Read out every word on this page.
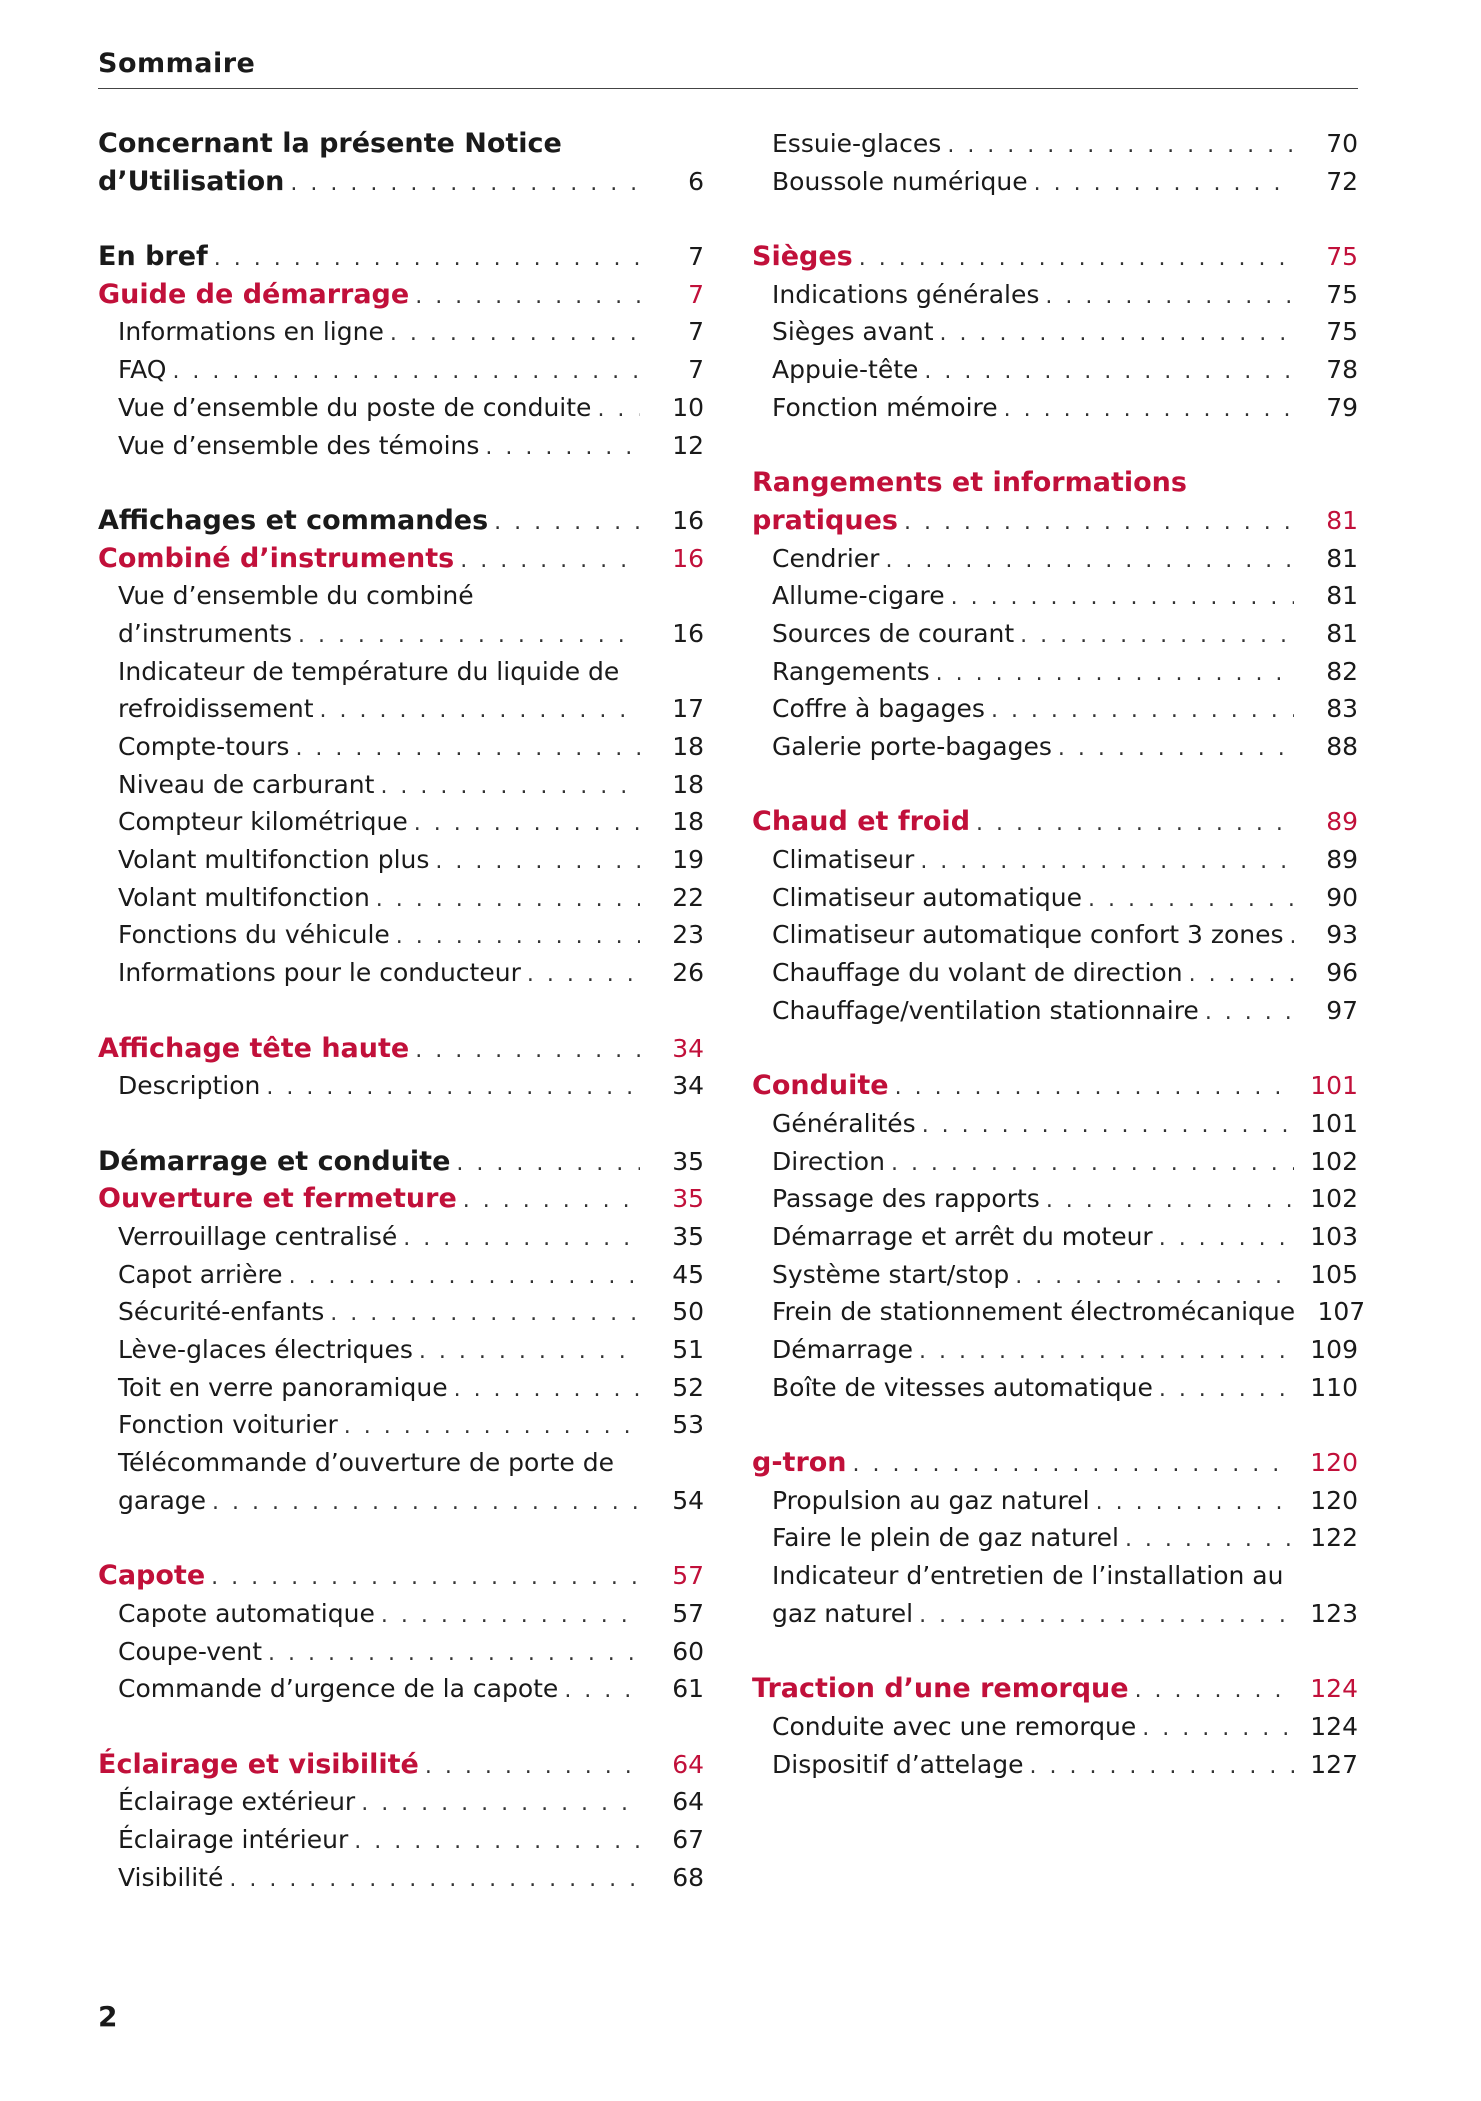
Sommaire
Concernant la présente Notice
d’Utilisation . . .	6
En bref . . .	7
Guide de démarrage . . .	7
Informations en ligne . . .	7
FAQ . . .	7
Vue d’ensemble du poste de conduite . . .	10
Vue d’ensemble des témoins . . .	12
Affichages et commandes . . .	16
Combiné d’instruments . . .	16
Vue d’ensemble du combiné
d’instruments . . .	16
Indicateur de température du liquide de
refroidissement . . .	17
Compte-tours . . .	18
Niveau de carburant . . .	18
Compteur kilométrique . . .	18
Volant multifonction plus . . .	19
Volant multifonction . . .	22
Fonctions du véhicule . . .	23
Informations pour le conducteur . . .	26
Affichage tête haute . . .	34
Description . . .	34
Démarrage et conduite . . .	35
Ouverture et fermeture . . .	35
Verrouillage centralisé . . .	35
Capot arrière . . .	45
Sécurité-enfants . . .	50
Lève-glaces électriques . . .	51
Toit en verre panoramique . . .	52
Fonction voiturier . . .	53
Télécommande d’ouverture de porte de
garage . . .	54
Capote . . .	57
Capote automatique . . .	57
Coupe-vent . . .	60
Commande d’urgence de la capote . . .	61
Éclairage et visibilité . . .	64
Éclairage extérieur . . .	64
Éclairage intérieur . . .	67
Visibilité . . .	68
Essuie-glaces . . .	70
Boussole numérique . . .	72
Sièges . . .	75
Indications générales . . .	75
Sièges avant . . .	75
Appuie-tête . . .	78
Fonction mémoire . . .	79
Rangements et informations
pratiques . . .	81
Cendrier . . .	81
Allume-cigare . . .	81
Sources de courant . . .	81
Rangements . . .	82
Coffre à bagages . . .	83
Galerie porte-bagages . . .	88
Chaud et froid . . .	89
Climatiseur . . .	89
Climatiseur automatique . . .	90
Climatiseur automatique confort 3 zones . . .	93
Chauffage du volant de direction . . .	96
Chauffage/ventilation stationnaire . . .	97
Conduite . . .	101
Généralités . . .	101
Direction . . .	102
Passage des rapports . . .	102
Démarrage et arrêt du moteur . . .	103
Système start/stop . . .	105
Frein de stationnement électromécanique 107
Démarrage . . .	109
Boîte de vitesses automatique . . .	110
g-tron . . .	120
Propulsion au gaz naturel . . .	120
Faire le plein de gaz naturel . . .	122
Indicateur d’entretien de l’installation au
gaz naturel . . .	123
Traction d’une remorque . . .	124
Conduite avec une remorque . . .	124
Dispositif d’attelage . . .	127
2
